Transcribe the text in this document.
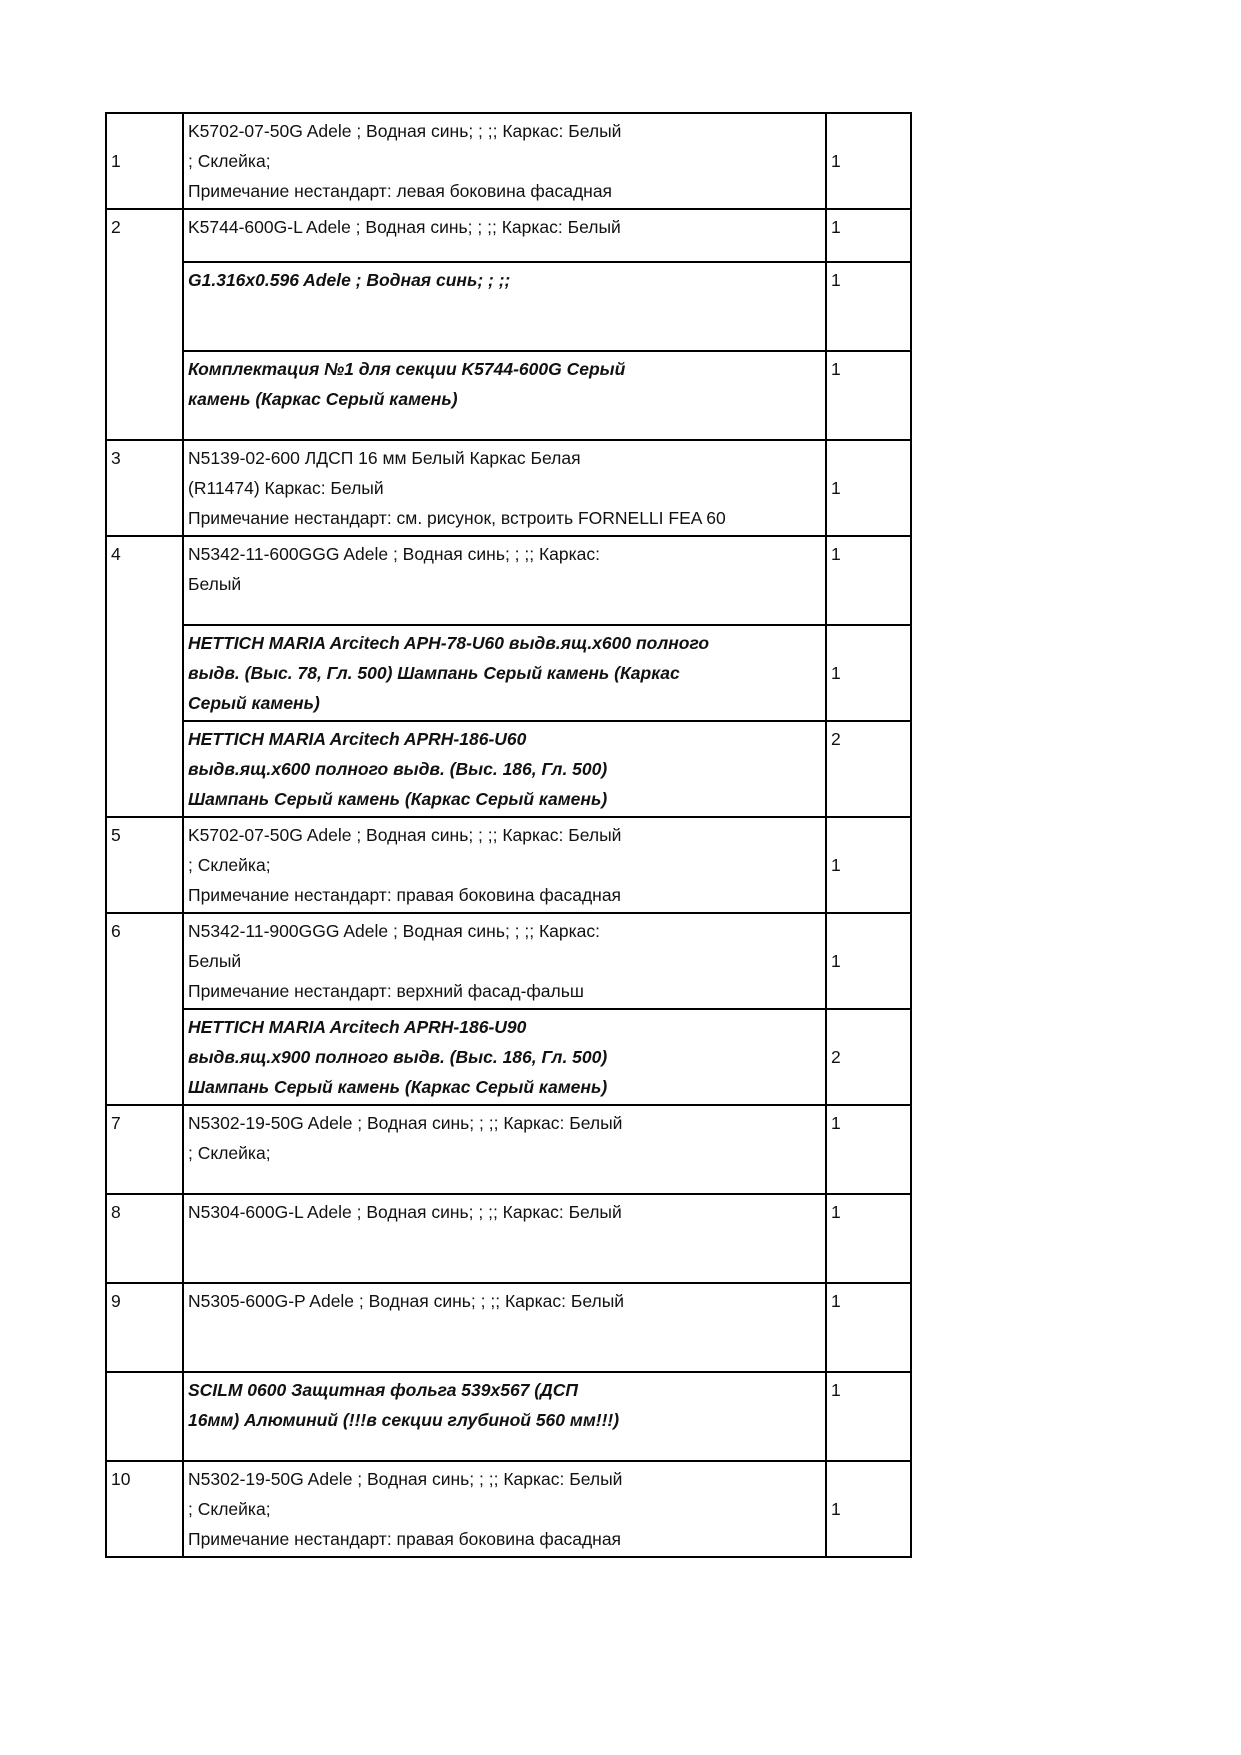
1	K5702-07-50G Adele ; Водная синь; ; ;; Каркас: Белый
; Склейка;
Примечание нестандарт: левая боковина фасадная	1
2	K5744-600G-L Adele ; Водная синь; ; ;; Каркас: Белый	1
	G1.316x0.596 Adele ; Водная синь; ; ;;	1
	Комплектация №1 для секции K5744-600G Серый
камень (Каркас Серый камень)	1
3	N5139-02-600 ЛДСП 16 мм Белый Каркас Белая
(R11474) Каркас: Белый
Примечание нестандарт: см. рисунок, встроить FORNELLI FEA 60	1
4	N5342-11-600GGG Adele ; Водная синь; ; ;; Каркас:
Белый	1
	HETTICH MARIA Arcitech APH-78-U60 выдв.ящ.x600 полного
выдв. (Выс. 78, Гл. 500) Шампань Серый камень (Каркас
Серый камень)	1
	HETTICH MARIA Arcitech APRH-186-U60
выдв.ящ.x600 полного выдв. (Выс. 186, Гл. 500)
Шампань Серый камень (Каркас Серый камень)	2
5	K5702-07-50G Adele ; Водная синь; ; ;; Каркас: Белый
; Склейка;
Примечание нестандарт: правая боковина фасадная	1
6	N5342-11-900GGG Adele ; Водная синь; ; ;; Каркас:
Белый
Примечание нестандарт: верхний фасад-фальш	1
	HETTICH MARIA Arcitech APRH-186-U90
выдв.ящ.x900 полного выдв. (Выс. 186, Гл. 500)
Шампань Серый камень (Каркас Серый камень)	2
7	N5302-19-50G Adele ; Водная синь; ; ;; Каркас: Белый
; Склейка;	1
8	N5304-600G-L Adele ; Водная синь; ; ;; Каркас: Белый	1
9	N5305-600G-P Adele ; Водная синь; ; ;; Каркас: Белый	1
	SCILM 0600 Защитная фольга 539x567 (ДСП
16мм) Алюминий (!!!в секции глубиной 560 мм!!!)	1
10	N5302-19-50G Adele ; Водная синь; ; ;; Каркас: Белый
; Склейка;
Примечание нестандарт: правая боковина фасадная	1
